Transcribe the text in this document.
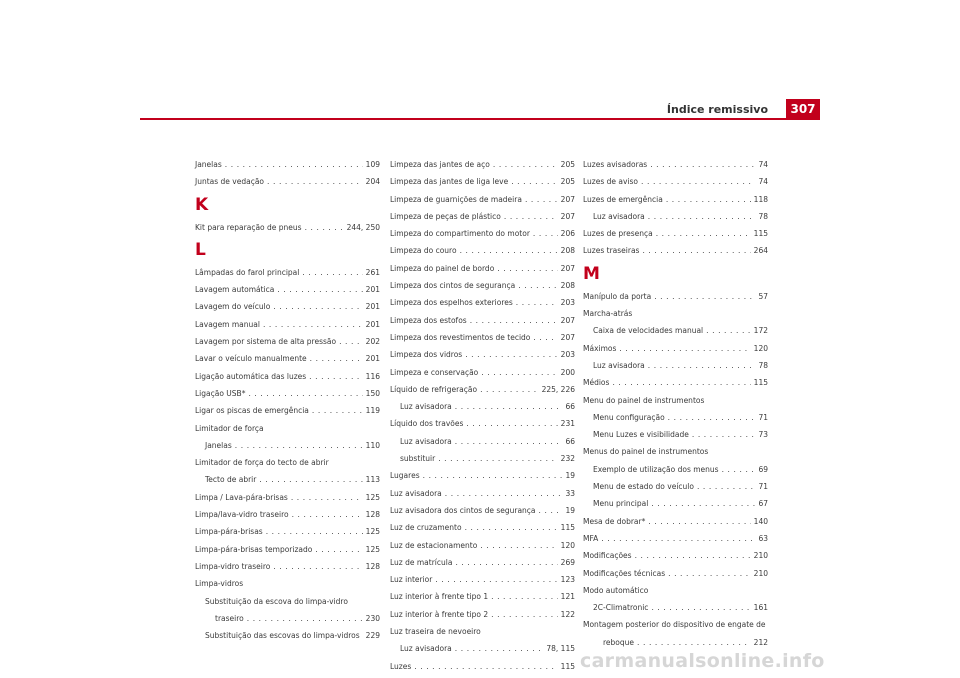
Índice remissivo	307
Janelas . . .	109
Juntas de vedação . . .	204
K
Kit para reparação de pneus . . .	244, 250
L
Lâmpadas do farol principal . . .	261
Lavagem automática . . .	201
Lavagem do veículo . . .	201
Lavagem manual . . .	201
Lavagem por sistema de alta pressão . . .	202
Lavar o veículo manualmente . . .	201
Ligação automática das luzes . . .	116
Ligação USB* . . .	150
Ligar os piscas de emergência . . .	119
Limitador de força
Janelas . . .	110
Limitador de força do tecto de abrir
Tecto de abrir . . .	113
Limpa / Lava-pára-brisas . . .	125
Limpa/lava-vidro traseiro . . .	128
Limpa-pára-brisas . . .	125
Limpa-pára-brisas temporizado . . .	125
Limpa-vidro traseiro . . .	128
Limpa-vidros
Substituição da escova do limpa-vidro
traseiro . . .	230
Substituição das escovas do limpa-vidros . . . 229
Limpeza das jantes de aço . . .	205
Limpeza das jantes de liga leve . . .	205
Limpeza de guarnições de madeira . . .	207
Limpeza de peças de plástico . . .	207
Limpeza do compartimento do motor . . .	206
Limpeza do couro . . .	208
Limpeza do painel de bordo . . .	207
Limpeza dos cintos de segurança . . .	208
Limpeza dos espelhos exteriores . . .	203
Limpeza dos estofos . . .	207
Limpeza dos revestimentos de tecido . . .	207
Limpeza dos vidros . . .	203
Limpeza e conservação . . .	200
Líquido de refrigeração . . .	225, 226
Luz avisadora . . .	66
Líquido dos travões . . .	231
Luz avisadora . . .	66
substituir . . .	232
Lugares . . .	19
Luz avisadora . . .	33
Luz avisadora dos cintos de segurança . . .	19
Luz de cruzamento . . .	115
Luz de estacionamento . . .	120
Luz de matrícula . . .	269
Luz interior . . .	123
Luz interior à frente tipo 1 . . .	121
Luz interior à frente tipo 2 . . .	122
Luz traseira de nevoeiro
Luz avisadora . . .	78, 115
Luzes . . .	115
Luzes avisadoras . . .	74
Luzes de aviso . . .	74
Luzes de emergência . . .	118
Luz avisadora . . .	78
Luzes de presença . . .	115
Luzes traseiras . . .	264
M
Manípulo da porta . . .	57
Marcha-atrás
Caixa de velocidades manual . . .	172
Máximos . . .	120
Luz avisadora . . .	78
Médios . . .	115
Menu do painel de instrumentos
Menu configuração . . .	71
Menu Luzes e visibilidade . . .	73
Menus do painel de instrumentos
Exemplo de utilização dos menus . . .	69
Menu de estado do veículo . . .	71
Menu principal . . .	67
Mesa de dobrar* . . .	140
MFA . . .	63
Modificações . . .	210
Modificações técnicas . . .	210
Modo automático
2C-Climatronic . . .	161
Montagem posterior do dispositivo de engate de
reboque . . .	212
carmanualsonline.info
